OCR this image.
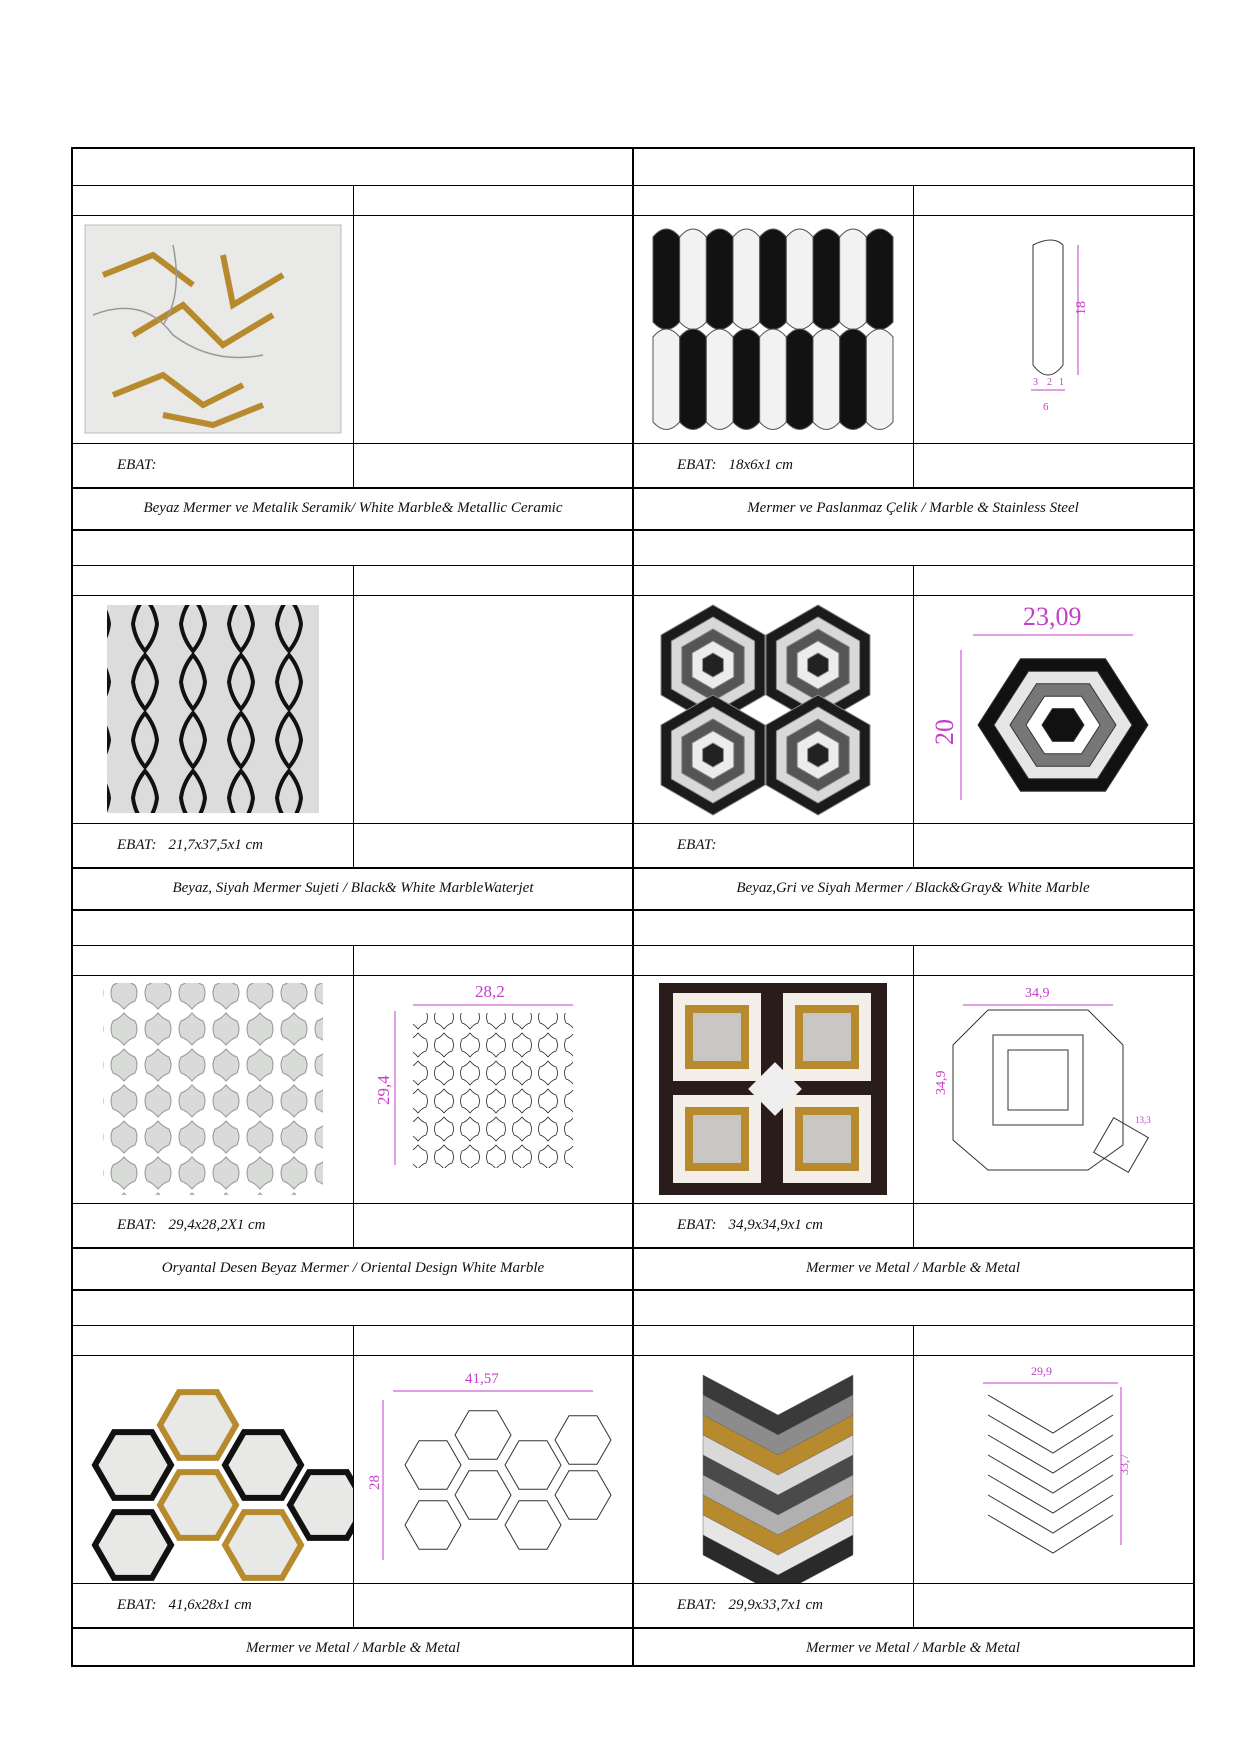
EBAT:
Beyaz Mermer ve Metalik Seramik/ White Marble& Metallic Ceramic
18
3 2 1
6
EBAT: 18x6x1 cm
Mermer ve Paslanmaz Çelik / Marble & Stainless Steel
EBAT: 21,7x37,5x1 cm
Beyaz, Siyah Mermer Sujeti / Black& White MarbleWaterjet
23,09
20
EBAT:
Beyaz,Gri ve Siyah Mermer / Black&Gray& White Marble
28,2
29,4
EBAT: 29,4x28,2X1 cm
Oryantal Desen Beyaz Mermer / Oriental Design White Marble
34,9
34,9
13,3
EBAT: 34,9x34,9x1 cm
Mermer ve Metal / Marble & Metal
41,57
28
EBAT: 41,6x28x1 cm
Mermer ve Metal / Marble & Metal
29,9
33,7
EBAT: 29,9x33,7x1 cm
Mermer ve Metal / Marble & Metal
